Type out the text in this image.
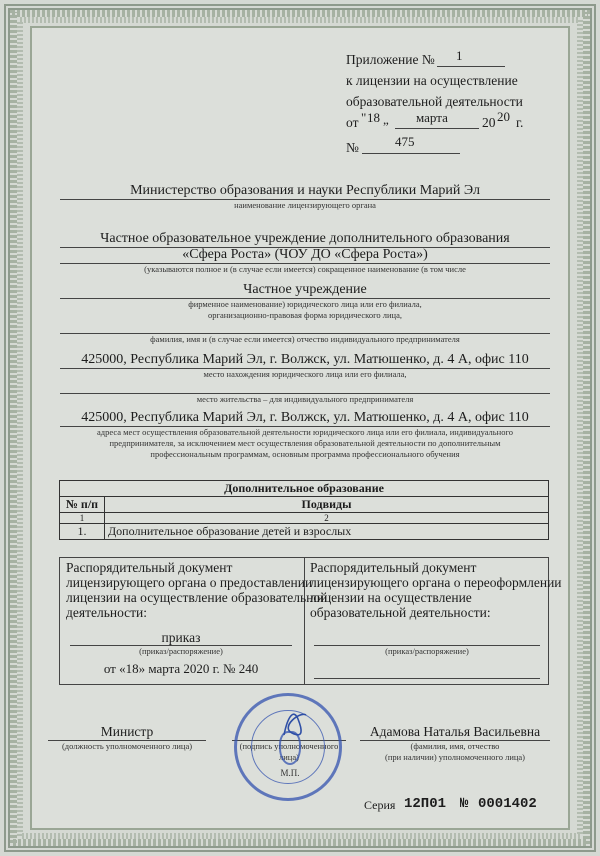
Приложение № 1
к лицензии на осуществление
образовательной деятельности
от " 18 „ марта	20 20 г.
№	475
Министерство образования и науки Республики Марий Эл
наименование лицензирующего органа
Частное образовательное учреждение дополнительного образования
«Сфера Роста» (ЧОУ ДО «Сфера Роста»)
(указываются полное и (в случае если имеется) сокращенное наименование (в том числе
Частное учреждение
фирменное наименование) юридического лица или его филиала,
организационно-правовая форма юридического лица,
фамилия, имя и (в случае если имеется) отчество индивидуального предпринимателя
425000, Республика Марий Эл, г. Волжск, ул. Матюшенко, д. 4 А, офис 110
место нахождения юридического лица или его филиала,
место жительства – для индивидуального предпринимателя
425000, Республика Марий Эл, г. Волжск, ул. Матюшенко, д. 4 А, офис 110
адреса мест осуществления образовательной деятельности юридического лица или его филиала, индивидуального
предпринимателя, за исключением мест осуществления образовательной деятельности по дополнительным
профессиональным программам, основным программа профессионального обучения
Дополнительное образование	
№ п/п	Подвиды
1	2
1.	Дополнительное образование детей и взрослых
Распорядительный документ
лицензирующего органа о предоставлении
лицензии на осуществление образовательной
деятельности:
приказ
(приказ/распоряжение)
от «18» марта 2020 г. № 240
Распорядительный документ
лицензирующего органа о переоформлении
лицензии на осуществление
образовательной деятельности:
(приказ/распоряжение)
Министр
(должность уполномоченного лица)	(подпись уполномоченного
лица)
М.П.
Адамова Наталья Васильевна
(фамилия, имя, отчество
(при наличии) уполномоченного лица)
Серия 12П01 № 0001402
